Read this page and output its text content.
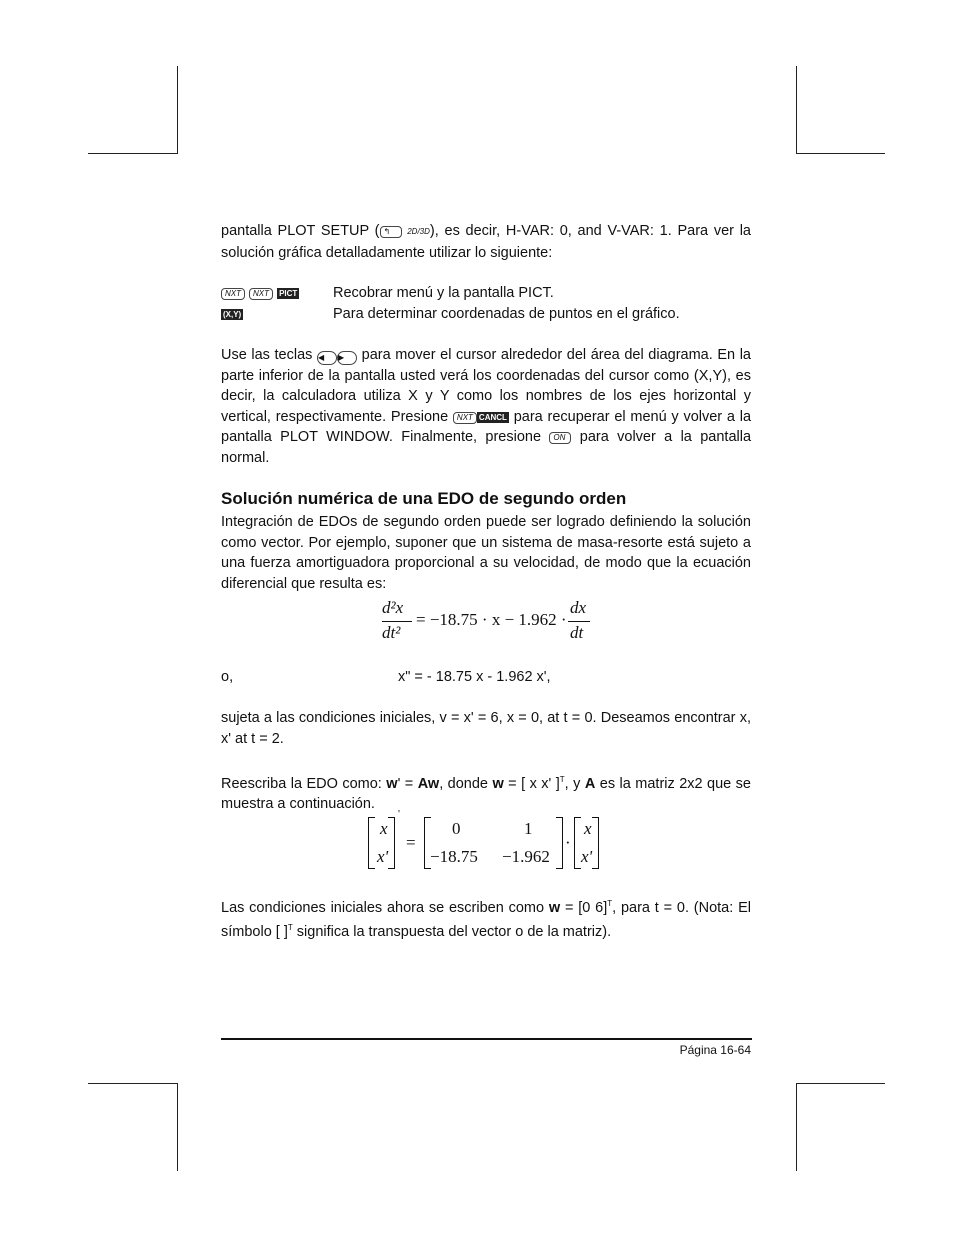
pantalla PLOT SETUP ( ↰ 2D/3D), es decir, H-VAR: 0, and V-VAR: 1. Para ver la solución gráfica detalladamente utilizar lo siguiente:
NXT NXT PICT Recobrar menú y la pantalla PICT.
(X,Y)	Para determinar coordenadas de puntos en el gráfico.
Use las teclas ◀ ▶ para mover el cursor alrededor del área del diagrama. En la parte inferior de la pantalla usted verá los coordenadas del cursor como (X,Y), es decir, la calculadora utiliza X y Y como los nombres de los ejes horizontal y vertical, respectivamente. Presione NXT CANCL para recuperar el menú y volver a la pantalla PLOT WINDOW. Finalmente, presione ON para volver a la pantalla normal.
Solución numérica de una EDO de segundo orden
Integración de EDOs de segundo orden puede ser logrado definiendo la solución como vector. Por ejemplo, suponer que un sistema de masa-resorte está sujeto a una fuerza amortiguadora proporcional a su velocidad, de modo que la ecuación diferencial que resulta es:
d²x
dt²
= −18.75 · x − 1.962 ·
dx
dt
o,	x" = - 18.75 x - 1.962 x',
sujeta a las condiciones iniciales, v = x' = 6, x = 0, at t = 0. Deseamos encontrar x, x' at t = 2.
Reescriba la EDO como: w' = Aw, donde w = [ x x' ]$^T$, y A es la matriz 2x2 que se muestra a continuación.
x
x'
'
=
0	1
−18.75 −1.962
·
x
x'
Las condiciones iniciales ahora se escriben como w = [0 6]$^T$, para t = 0. (Nota: El símbolo [ ]$^T$ significa la transpuesta del vector o de la matriz).
Página 16-64
